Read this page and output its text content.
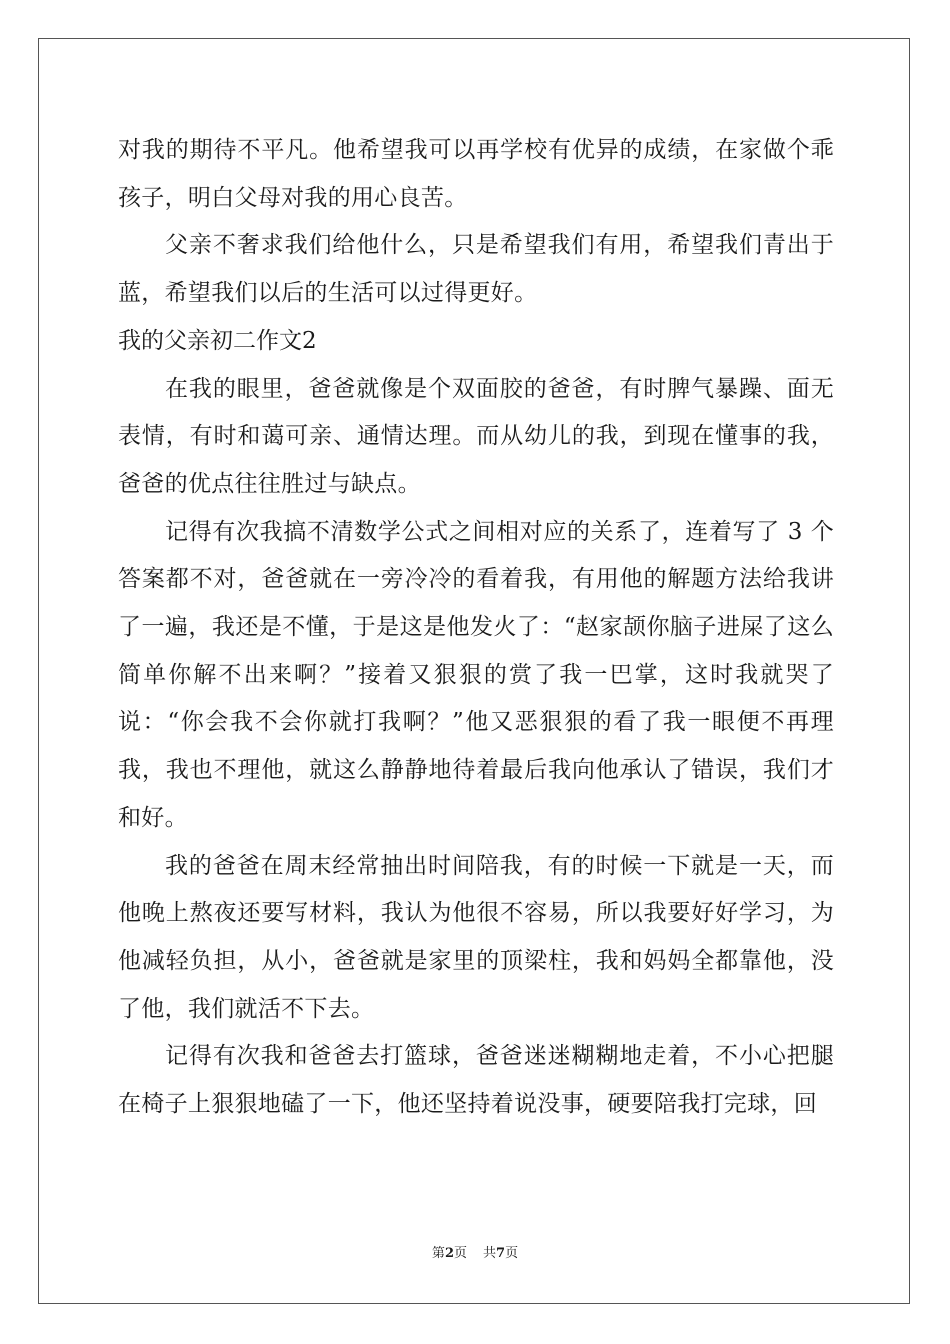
对我的期待不平凡。他希望我可以再学校有优异的成绩，在家做个乖孩子，明白父母对我的用心良苦。

父亲不奢求我们给他什么，只是希望我们有用，希望我们青出于蓝，希望我们以后的生活可以过得更好。

我的父亲初二作文2

在我的眼里，爸爸就像是个双面胶的爸爸，有时脾气暴躁、面无表情，有时和蔼可亲、通情达理。而从幼儿的我，到现在懂事的我，爸爸的优点往往胜过与缺点。

记得有次我搞不清数学公式之间相对应的关系了，连着写了 3 个答案都不对，爸爸就在一旁冷冷的看着我，有用他的解题方法给我讲了一遍，我还是不懂，于是这是他发火了：“赵家颉你脑子进屎了这么简单你解不出来啊？”接着又狠狠的赏了我一巴掌，这时我就哭了说：“你会我不会你就打我啊？”他又恶狠狠的看了我一眼便不再理我，我也不理他，就这么静静地待着最后我向他承认了错误，我们才和好。

我的爸爸在周末经常抽出时间陪我，有的时候一下就是一天，而他晚上熬夜还要写材料，我认为他很不容易，所以我要好好学习，为他减轻负担，从小，爸爸就是家里的顶梁柱，我和妈妈全都靠他，没了他，我们就活不下去。

记得有次我和爸爸去打篮球，爸爸迷迷糊糊地走着，不小心把腿在椅子上狠狠地磕了一下，他还坚持着说没事，硬要陪我打完球，回

第2页 共7页
